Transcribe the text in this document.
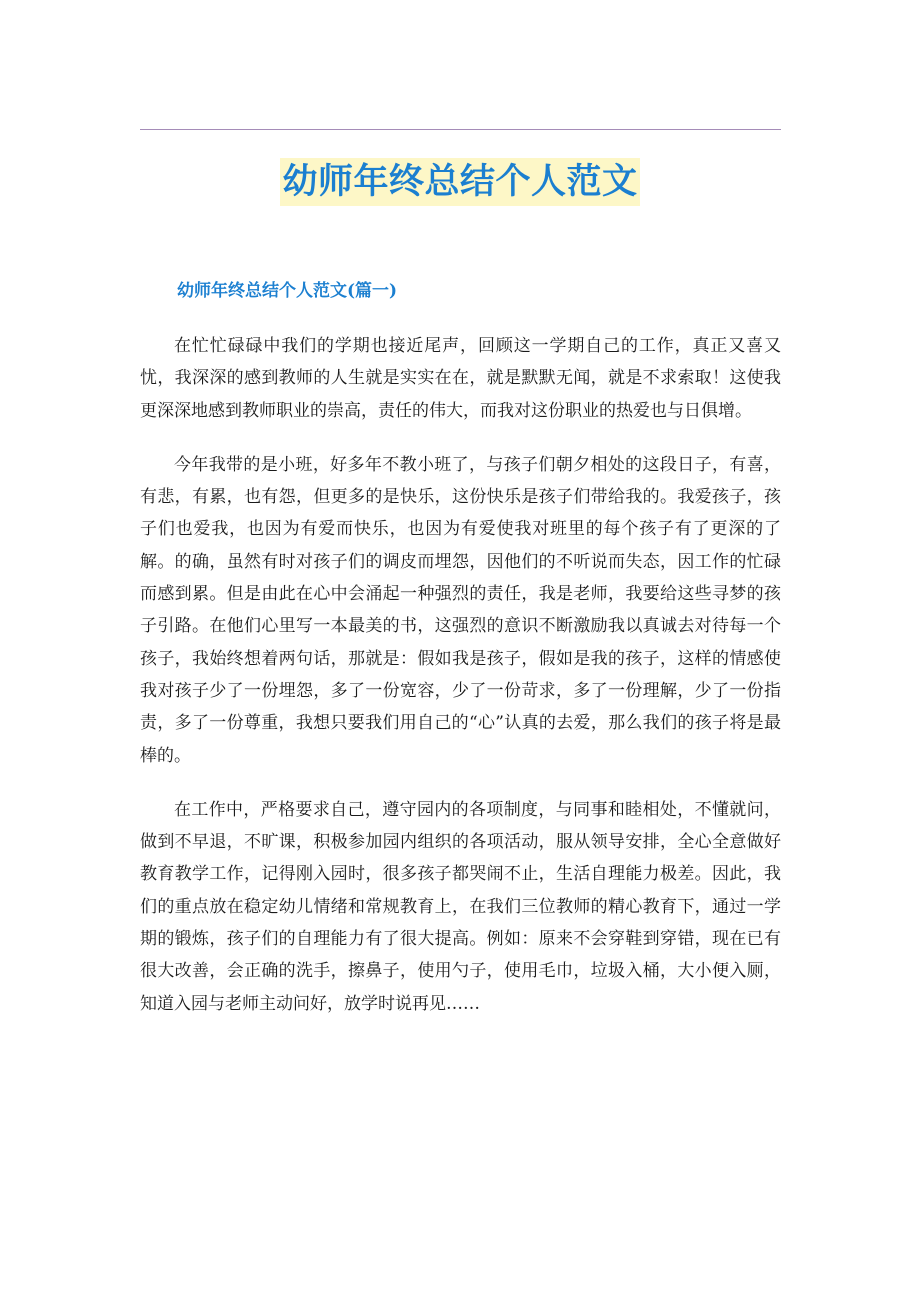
幼师年终总结个人范文
幼师年终总结个人范文(篇一)

在忙忙碌碌中我们的学期也接近尾声，回顾这一学期自己的工作，真正又喜又忧，我深深的感到教师的人生就是实实在在，就是默默无闻，就是不求索取！这使我更深深地感到教师职业的崇高，责任的伟大，而我对这份职业的热爱也与日俱增。

今年我带的是小班，好多年不教小班了，与孩子们朝夕相处的这段日子，有喜，有悲，有累，也有怨，但更多的是快乐，这份快乐是孩子们带给我的。我爱孩子，孩子们也爱我，也因为有爱而快乐，也因为有爱使我对班里的每个孩子有了更深的了解。的确，虽然有时对孩子们的调皮而埋怨，因他们的不听说而失态，因工作的忙碌而感到累。但是由此在心中会涌起一种强烈的责任，我是老师，我要给这些寻梦的孩子引路。在他们心里写一本最美的书，这强烈的意识不断激励我以真诚去对待每一个孩子，我始终想着两句话，那就是：假如我是孩子，假如是我的孩子，这样的情感使我对孩子少了一份埋怨，多了一份宽容，少了一份苛求，多了一份理解，少了一份指责，多了一份尊重，我想只要我们用自己的“心”认真的去爱，那么我们的孩子将是最棒的。

在工作中，严格要求自己，遵守园内的各项制度，与同事和睦相处，不懂就问，做到不早退，不旷课，积极参加园内组织的各项活动，服从领导安排，全心全意做好教育教学工作，记得刚入园时，很多孩子都哭闹不止，生活自理能力极差。因此，我们的重点放在稳定幼儿情绪和常规教育上，在我们三位教师的精心教育下，通过一学期的锻炼，孩子们的自理能力有了很大提高。例如：原来不会穿鞋到穿错，现在已有很大改善，会正确的洗手，擦鼻子，使用勺子，使用毛巾，垃圾入桶，大小便入厕，知道入园与老师主动问好，放学时说再见……
